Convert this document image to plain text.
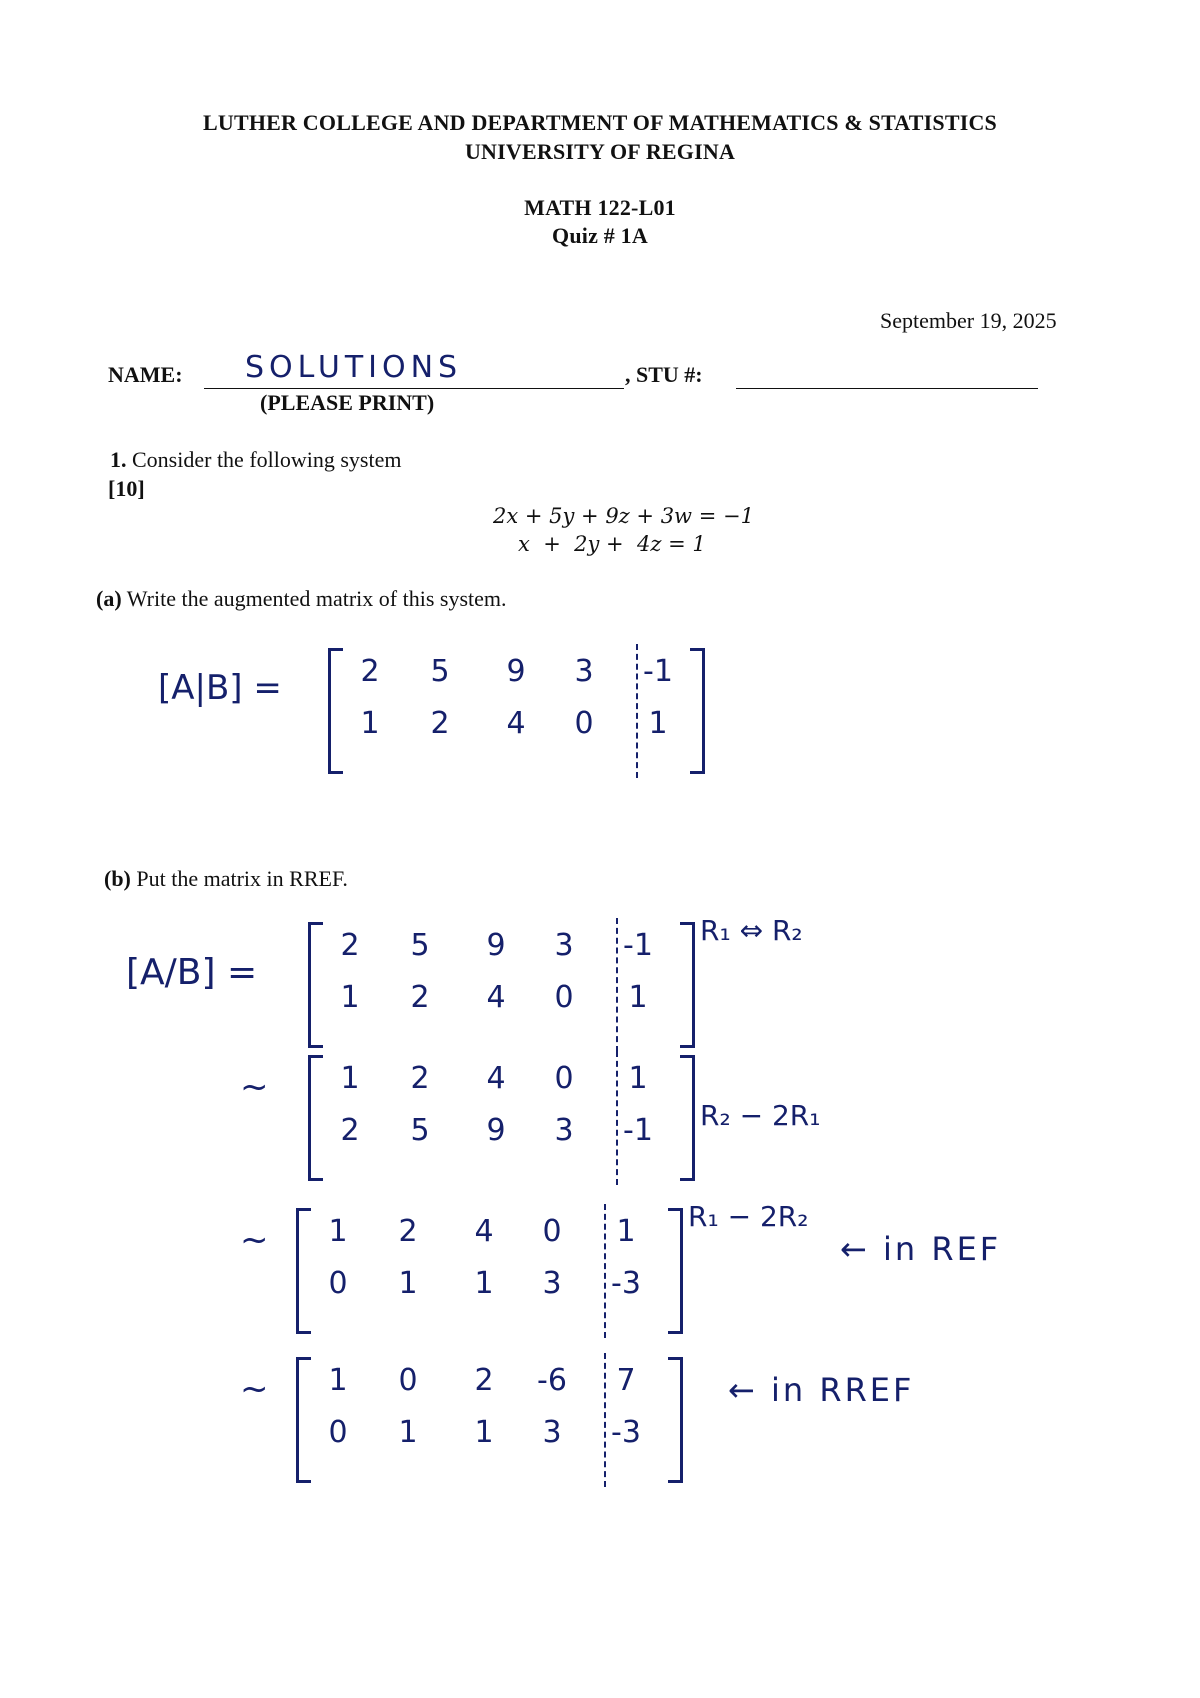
LUTHER COLLEGE AND DEPARTMENT OF MATHEMATICS & STATISTICS
UNIVERSITY OF REGINA
MATH 122-L01
Quiz # 1A
September 19, 2025
NAME: SOLUTIONS	, STU #:
(PLEASE PRINT)
1. Consider the following system
[10]
2x + 5y + 9z + 3w = −1
x  +  2y +  4z = 1
(a) Write the augmented matrix of this system.
[A|B] =	2	5	9	3	-1
1	2	4	0	1
(b) Put the matrix in RREF.
[A/B] =
2	5	9	3	-1
1	2	4	0	1
R₁ ⇔ R₂
~	1	2	4	0	1
2	5	9	3	-1	R₂ − 2R₁
~	1	2	4	0	1
0	1	1	3	-3
R₁ − 2R₂
← in REF
~	1	0	2	-6	7
0	1	1	3	-3
← in RREF
